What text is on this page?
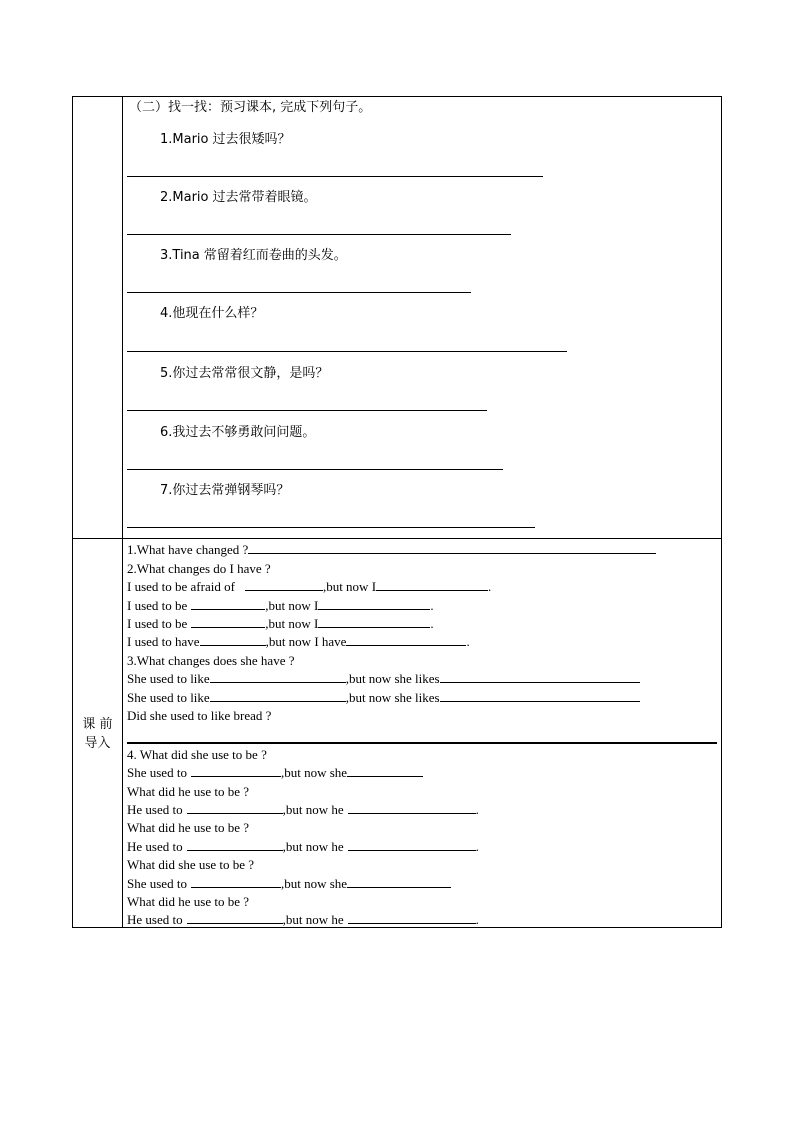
课 前
导入
（二）找一找：预习课本, 完成下列句子。
1.Mario 过去很矮吗？
2.Mario 过去常带着眼镜。
3.Tina 常留着红而卷曲的头发。
4.他现在什么样？
5.你过去常常很文静，是吗？
6.我过去不够勇敢问问题。
7.你过去常弹钢琴吗？
1.What have changed ?
2.What changes do I have ?
I used to be afraid of	,but now I	.
I used to be	,but now I	.
I used to be	,but now I	.
I used to have	,but now I have	.
3.What changes does she have ?
She used to like	,but now she likes
She used to like	,but now she likes
Did she used to like bread ?
4. What did she use to be ?
She used to	,but now she
What did he use to be ?
He used to	,but now he	.
What did he use to be ?
He used to	,but now he	.
What did she use to be ?
She used to	,but now she
What did he use to be ?
He used to	,but now he	.
